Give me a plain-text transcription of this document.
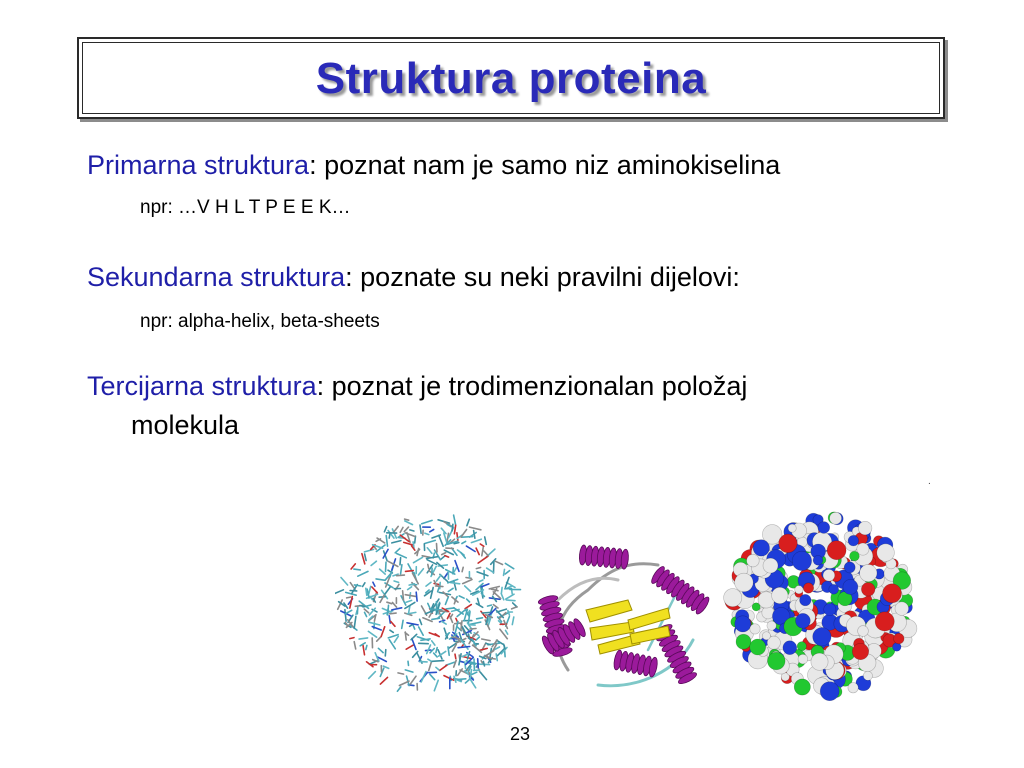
Struktura proteina
Primarna struktura: poznat nam je samo niz aminokiselina
npr: …V H L T P E E K…
Sekundarna struktura: poznate su neki pravilni dijelovi:
npr: alpha-helix, beta-sheets
Tercijarna struktura: poznat je trodimenzionalan položaj
molekula
.
23
